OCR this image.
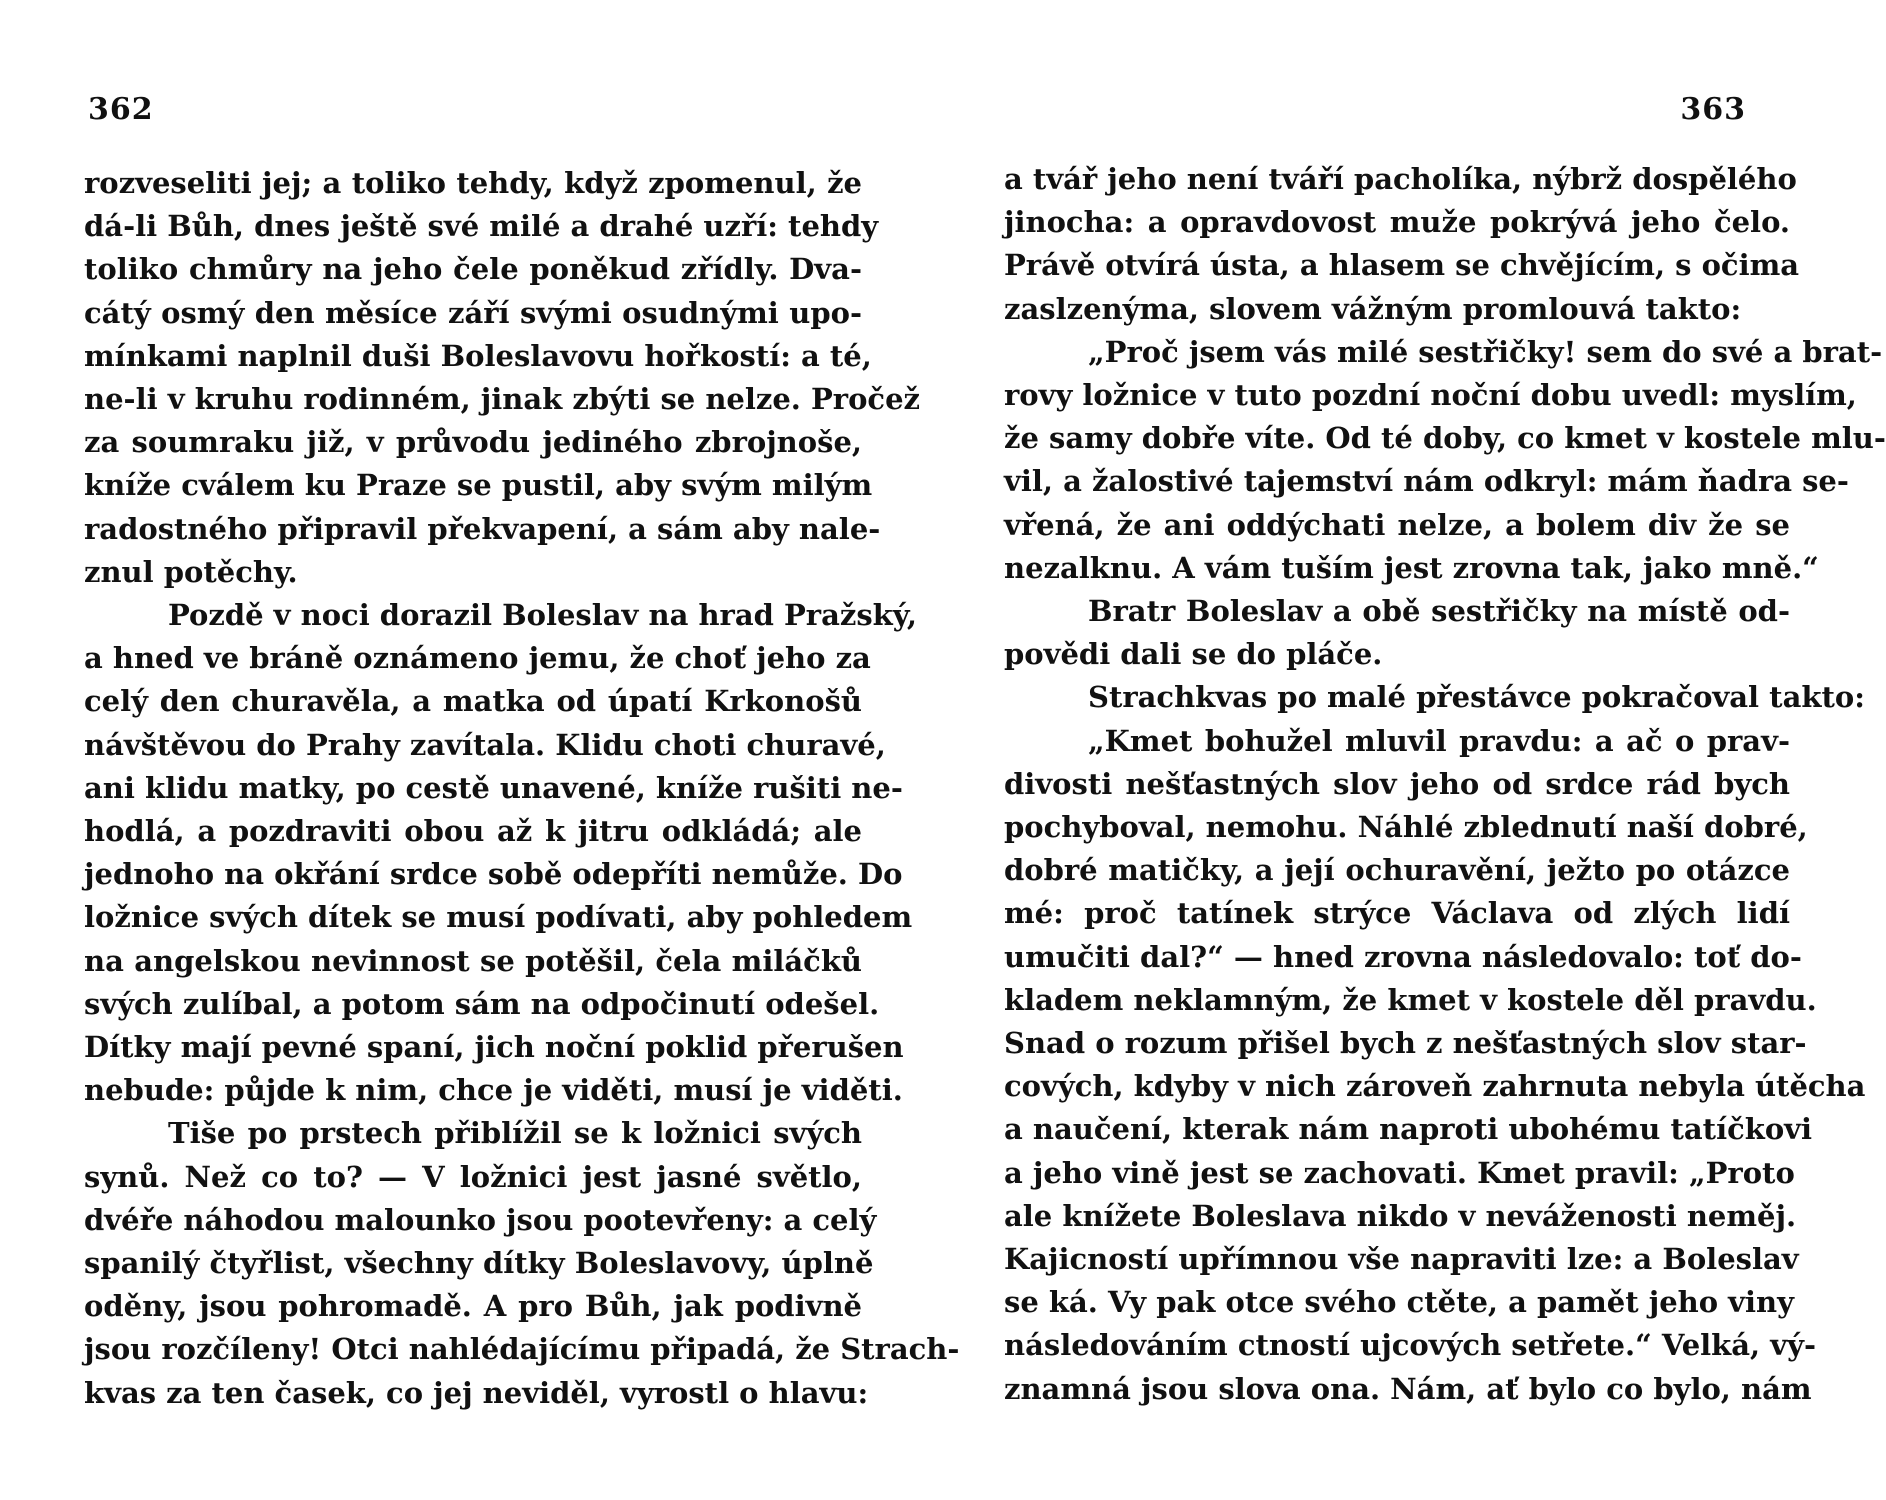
362
rozveseliti jej; a toliko tehdy, když zpomenul, že
dá-li Bůh, dnes ještě své milé a drahé uzří: tehdy
toliko chmůry na jeho čele poněkud zřídly. Dva-
cátý osmý den měsíce září svými osudnými upo-
mínkami naplnil duši Boleslavovu hořkostí: a té,
ne-li v kruhu rodinném, jinak zbýti se nelze. Pročež
za soumraku již, v průvodu jediného zbrojnoše,
kníže cválem ku Praze se pustil, aby svým milým
radostného připravil překvapení, a sám aby nale-
znul potěchy.
Pozdě v noci dorazil Boleslav na hrad Pražský,
a hned ve bráně oznámeno jemu, že choť jeho za
celý den churavěla, a matka od úpatí Krkonošů
návštěvou do Prahy zavítala. Klidu choti churavé,
ani klidu matky, po cestě unavené, kníže rušiti ne-
hodlá, a pozdraviti obou až k jitru odkládá; ale
jednoho na okřání srdce sobě odepříti nemůže. Do
ložnice svých dítek se musí podívati, aby pohledem
na angelskou nevinnost se potěšil, čela miláčků
svých zulíbal, a potom sám na odpočinutí odešel.
Dítky mají pevné spaní, jich noční poklid přerušen
nebude: půjde k nim, chce je viděti, musí je viděti.
Tiše po prstech přiblížil se k ložnici svých
synů. Než co to? — V ložnici jest jasné světlo,
dvéře náhodou malounko jsou pootevřeny: a celý
spanilý čtyřlist, všechny dítky Boleslavovy, úplně
oděny, jsou pohromadě. A pro Bůh, jak podivně
jsou rozčíleny! Otci nahlédajícímu připadá, že Strach-
kvas za ten časek, co jej neviděl, vyrostl o hlavu:
363
a tvář jeho není tváří pacholíka, nýbrž dospělého
jinocha: a opravdovost muže pokrývá jeho čelo.
Právě otvírá ústa, a hlasem se chvějícím, s očima
zaslzenýma, slovem vážným promlouvá takto:
„Proč jsem vás milé sestřičky! sem do své a brat-
rovy ložnice v tuto pozdní noční dobu uvedl: myslím,
že samy dobře víte. Od té doby, co kmet v kostele mlu-
vil, a žalostivé tajemství nám odkryl: mám ňadra se-
vřená, že ani oddýchati nelze, a bolem div že se
nezalknu. A vám tuším jest zrovna tak, jako mně.“
Bratr Boleslav a obě sestřičky na místě od-
povědi dali se do pláče.
Strachkvas po malé přestávce pokračoval takto:
„Kmet bohužel mluvil pravdu: a ač o prav-
divosti nešťastných slov jeho od srdce rád bych
pochyboval, nemohu. Náhlé zblednutí naší dobré,
dobré matičky, a její ochuravění, ježto po otázce
mé: proč tatínek strýce Václava od zlých lidí
umučiti dal?“ — hned zrovna následovalo: toť do-
kladem neklamným, že kmet v kostele děl pravdu.
Snad o rozum přišel bych z nešťastných slov star-
cových, kdyby v nich zároveň zahrnuta nebyla útěcha
a naučení, kterak nám naproti ubohému tatíčkovi
a jeho vině jest se zachovati. Kmet pravil: „Proto
ale knížete Boleslava nikdo v neváženosti neměj.
Kajicností upřímnou vše napraviti lze: a Boleslav
se ká. Vy pak otce svého ctěte, a pamět jeho viny
následováním ctností ujcových setřete.“ Velká, vý-
znamná jsou slova ona. Nám, ať bylo co bylo, nám
